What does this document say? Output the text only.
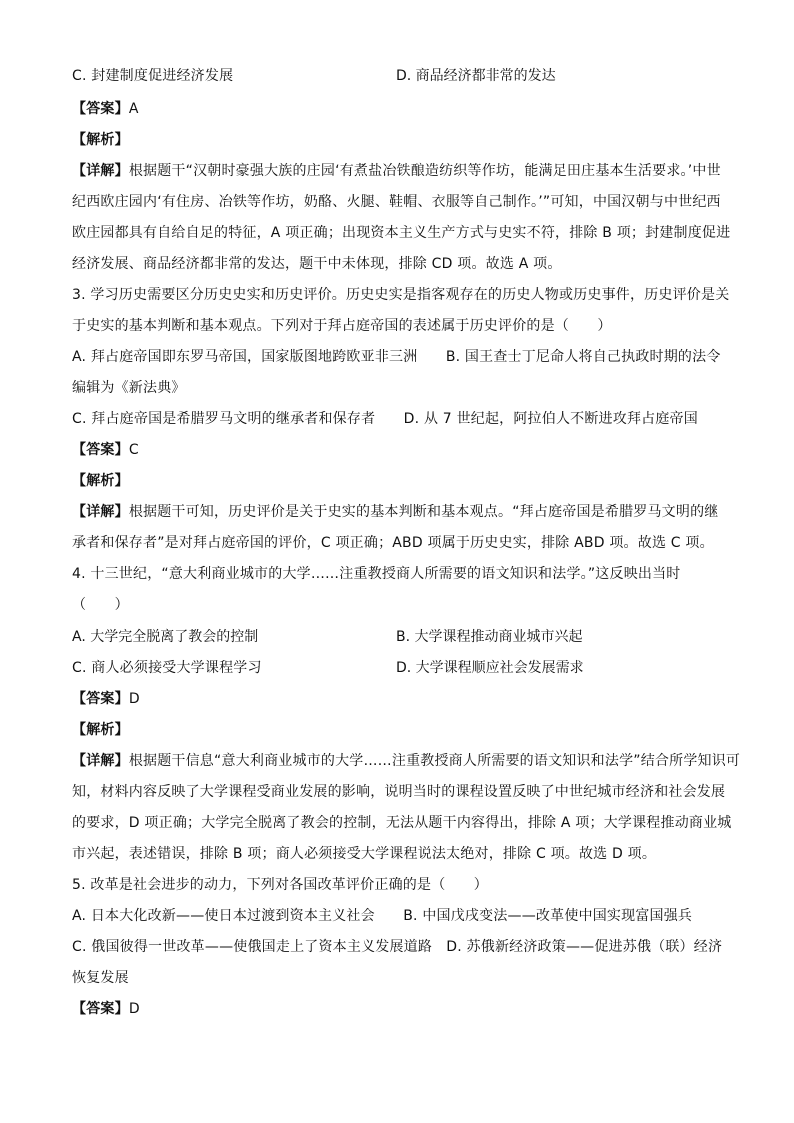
C. 封建制度促进经济发展
【答案】A
【解析】
【详解】根据题干“汉朝时豪强大族的庄园‘有煮盐冶铁酿造纺织等作坊，能满足田庄基本生活要求。’中世
纪西欧庄园内‘有住房、冶铁等作坊，奶酪、火腿、鞋帽、衣服等自己制作。’”可知，中国汉朝与中世纪西
欧庄园都具有自给自足的特征，A 项正确；出现资本主义生产方式与史实不符，排除 B 项；封建制度促进
经济发展、商品经济都非常的发达，题干中未体现，排除 CD 项。故选 A 项。
3. 学习历史需要区分历史史实和历史评价。历史史实是指客观存在的历史人物或历史事件，历史评价是关
于史实的基本判断和基本观点。下列对于拜占庭帝国的表述属于历史评价的是（　　）
A. 拜占庭帝国即东罗马帝国，国家版图地跨欧亚非三洲　　B. 国王查士丁尼命人将自己执政时期的法令
编辑为《新法典》
C. 拜占庭帝国是希腊罗马文明的继承者和保存者　　D. 从 7 世纪起，阿拉伯人不断进攻拜占庭帝国
【答案】C
【解析】
【详解】根据题干可知，历史评价是关于史实的基本判断和基本观点。“拜占庭帝国是希腊罗马文明的继
承者和保存者”是对拜占庭帝国的评价，C 项正确；ABD 项属于历史史实，排除 ABD 项。故选 C 项。
4. 十三世纪，“意大利商业城市的大学……注重教授商人所需要的语文知识和法学。”这反映出当时
（　　）
C. 商人必须接受大学课程学习
【答案】D
【解析】
【详解】根据题干信息“意大利商业城市的大学……注重教授商人所需要的语文知识和法学”结合所学知识可
知，材料内容反映了大学课程受商业发展的影响，说明当时的课程设置反映了中世纪城市经济和社会发展
的要求，D 项正确；大学完全脱离了教会的控制，无法从题干内容得出，排除 A 项；大学课程推动商业城
市兴起，表述错误，排除 B 项；商人必须接受大学课程说法太绝对，排除 C 项。故选 D 项。
5. 改革是社会进步的动力，下列对各国改革评价正确的是（　　）
A. 日本大化改新——使日本过渡到资本主义社会　　B. 中国戊戌变法——改革使中国实现富国强兵
C. 俄国彼得一世改革——使俄国走上了资本主义发展道路　D. 苏俄新经济政策——促进苏俄（联）经济
恢复发展
【答案】D
D. 商品经济都非常的发达
B. 大学课程推动商业城市兴起
D. 大学课程顺应社会发展需求
A. 大学完全脱离了教会的控制
